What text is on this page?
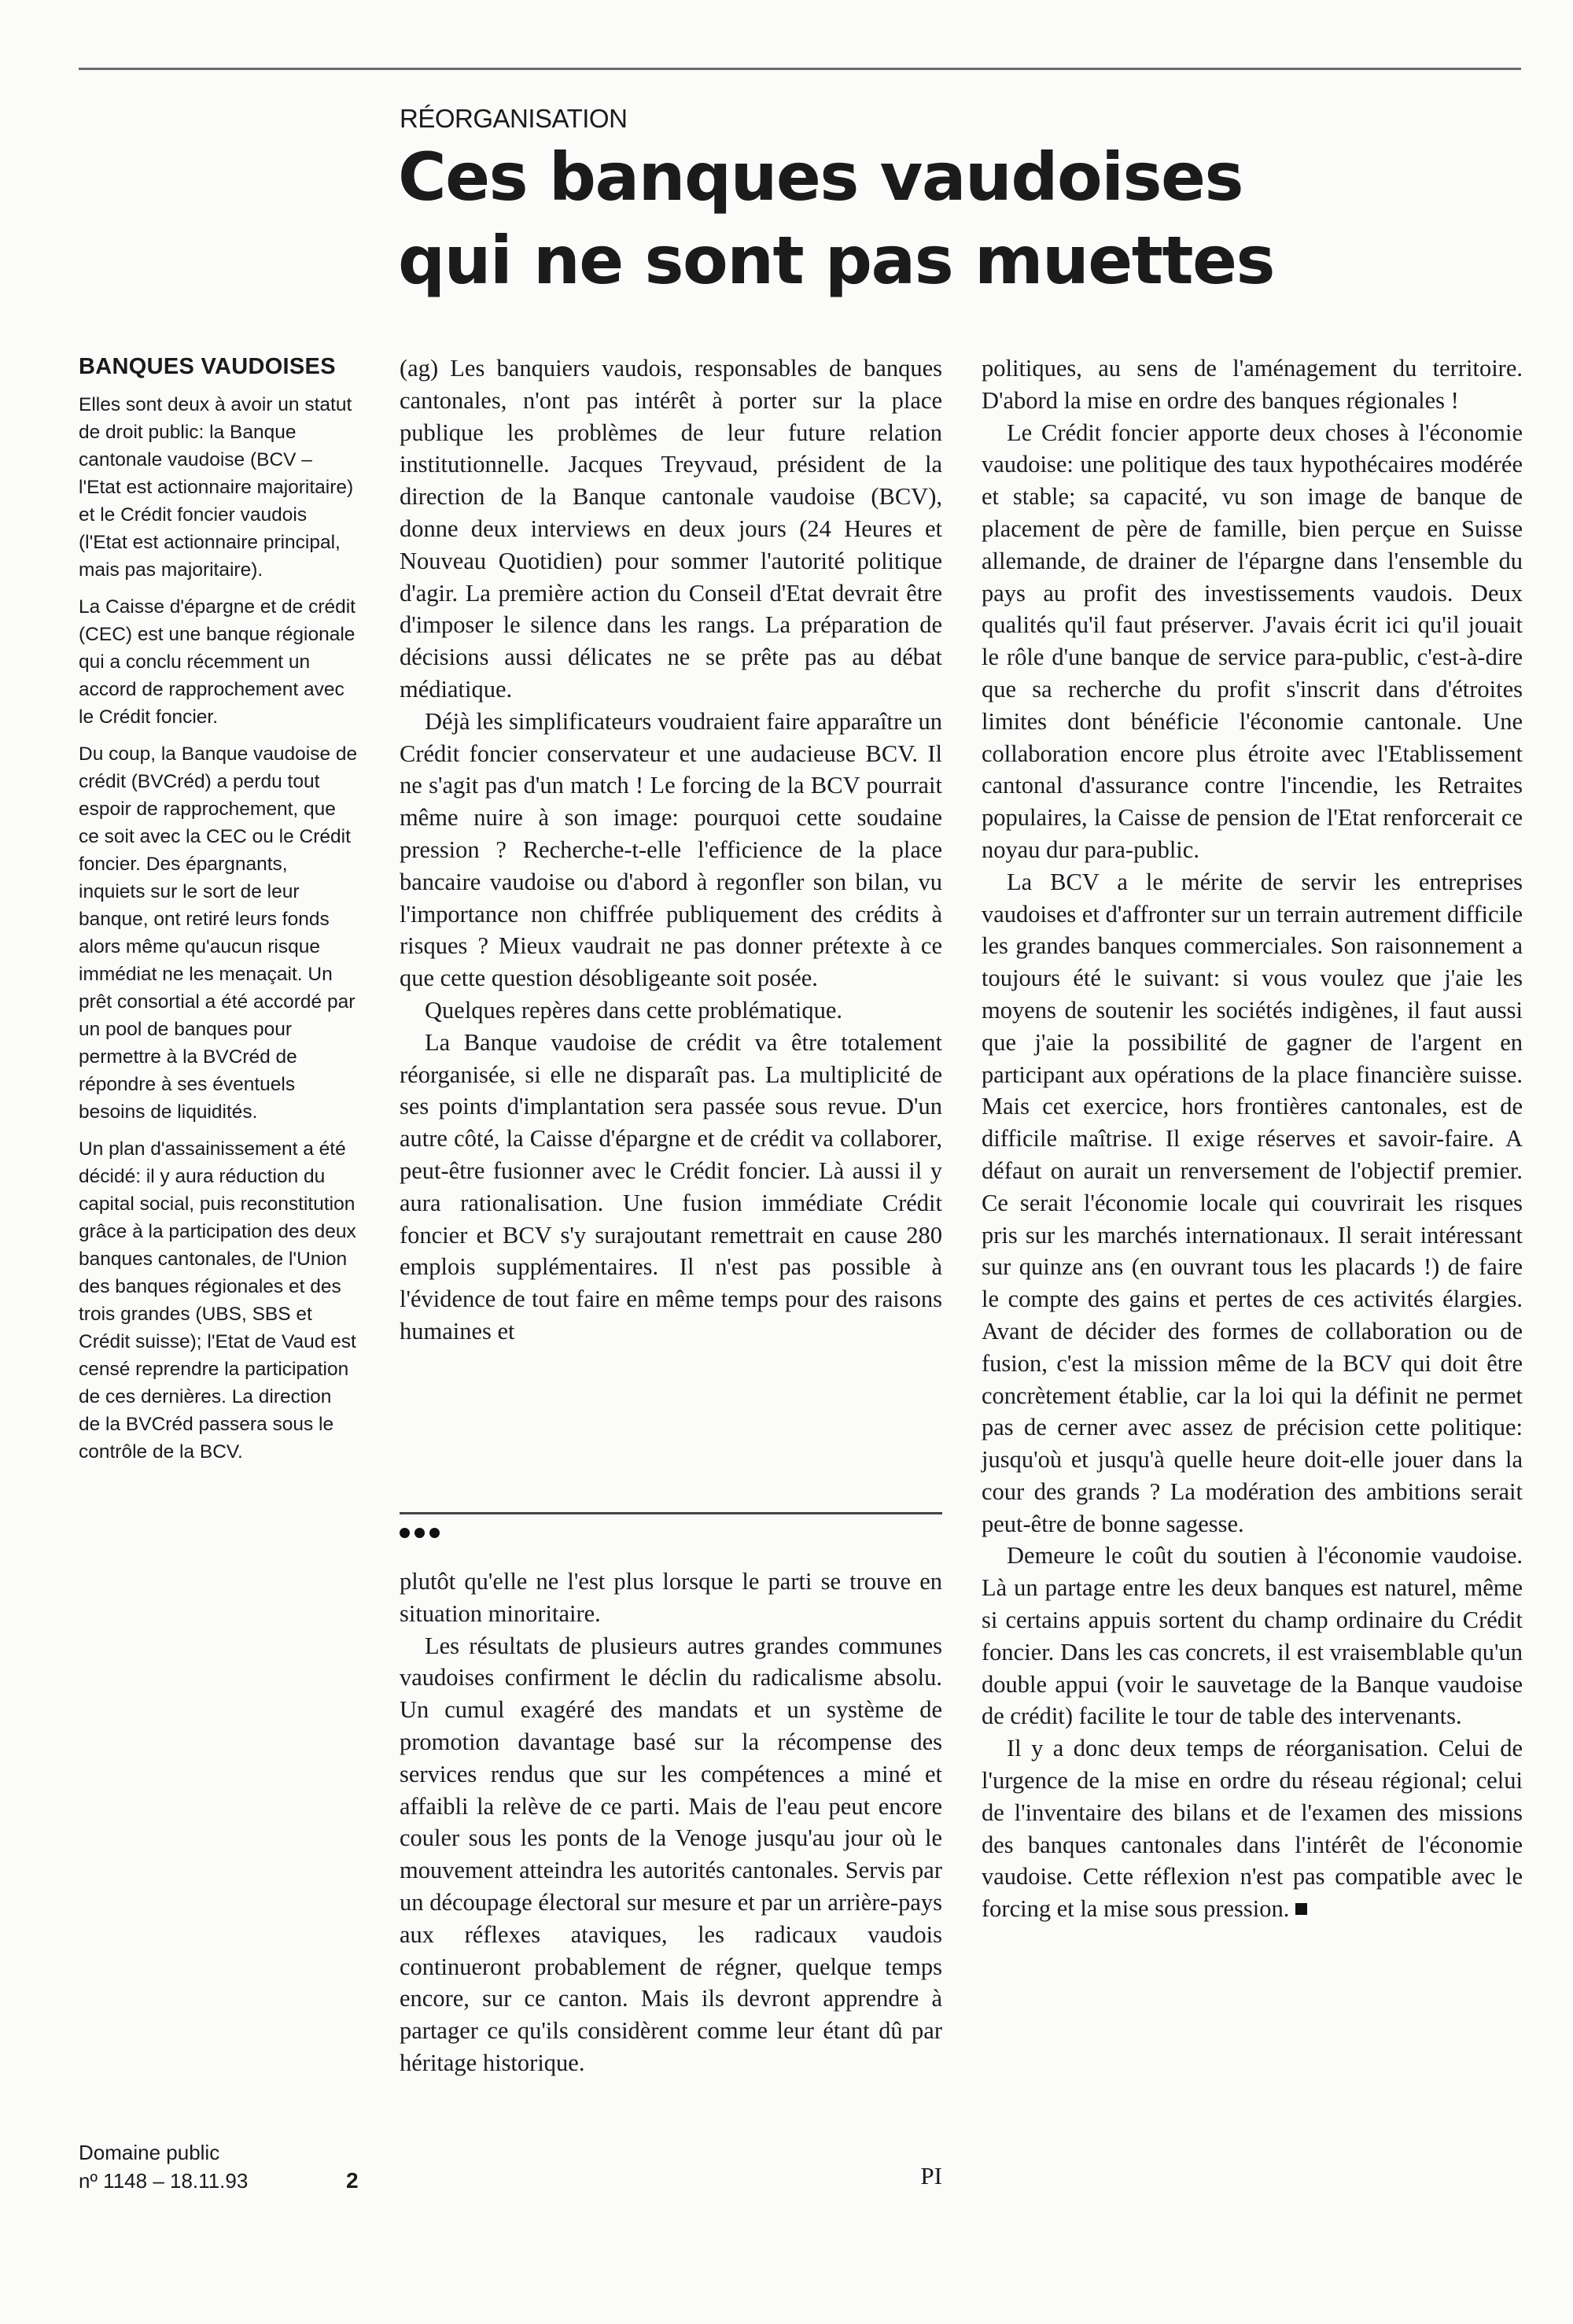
RÉORGANISATION
Ces banques vaudoises
qui ne sont pas muettes
BANQUES VAUDOISES

Elles sont deux à avoir un statut de droit public: la Banque cantonale vaudoise (BCV – l'Etat est actionnaire majoritaire) et le Crédit foncier vaudois (l'Etat est actionnaire principal, mais pas majoritaire).

La Caisse d'épargne et de crédit (CEC) est une banque régionale qui a conclu récemment un accord de rapprochement avec le Crédit foncier.

Du coup, la Banque vaudoise de crédit (BVCréd) a perdu tout espoir de rapprochement, que ce soit avec la CEC ou le Crédit foncier. Des épargnants, inquiets sur le sort de leur banque, ont retiré leurs fonds alors même qu'aucun risque immédiat ne les menaçait. Un prêt consortial a été accordé par un pool de banques pour permettre à la BVCréd de répondre à ses éventuels besoins de liquidités.

Un plan d'assainissement a été décidé: il y aura réduction du capital social, puis reconstitution grâce à la participation des deux banques cantonales, de l'Union des banques régionales et des trois grandes (UBS, SBS et Crédit suisse); l'Etat de Vaud est censé reprendre la participation de ces dernières. La direction de la BVCréd passera sous le contrôle de la BCV.

(ag) Les banquiers vaudois, responsables de banques cantonales, n'ont pas intérêt à porter sur la place publique les problèmes de leur future relation institutionnelle. Jacques Treyvaud, président de la direction de la Banque cantonale vaudoise (BCV), donne deux interviews en deux jours (24 Heures et Nouveau Quotidien) pour sommer l'autorité politique d'agir. La première action du Conseil d'Etat devrait être d'imposer le silence dans les rangs. La préparation de décisions aussi délicates ne se prête pas au débat médiatique.

Déjà les simplificateurs voudraient faire apparaître un Crédit foncier conservateur et une audacieuse BCV. Il ne s'agit pas d'un match ! Le forcing de la BCV pourrait même nuire à son image: pourquoi cette soudaine pression ? Recherche-t-elle l'efficience de la place bancaire vaudoise ou d'abord à regonfler son bilan, vu l'importance non chiffrée publiquement des crédits à risques ? Mieux vaudrait ne pas donner prétexte à ce que cette question désobligeante soit posée.

Quelques repères dans cette problématique.

La Banque vaudoise de crédit va être totalement réorganisée, si elle ne disparaît pas. La multiplicité de ses points d'implantation sera passée sous revue. D'un autre côté, la Caisse d'épargne et de crédit va collaborer, peut-être fusionner avec le Crédit foncier. Là aussi il y aura rationalisation. Une fusion immédiate Crédit foncier et BCV s'y surajoutant remettrait en cause 280 emplois supplémentaires. Il n'est pas possible à l'évidence de tout faire en même temps pour des raisons humaines et

plutôt qu'elle ne l'est plus lorsque le parti se trouve en situation minoritaire.

Les résultats de plusieurs autres grandes communes vaudoises confirment le déclin du radicalisme absolu. Un cumul exagéré des mandats et un système de promotion davantage basé sur la récompense des services rendus que sur les compétences a miné et affaibli la relève de ce parti. Mais de l'eau peut encore couler sous les ponts de la Venoge jusqu'au jour où le mouvement atteindra les autorités cantonales. Servis par un découpage électoral sur mesure et par un arrière-pays aux réflexes ataviques, les radicaux vaudois continueront probablement de régner, quelque temps encore, sur ce canton. Mais ils devront apprendre à partager ce qu'ils considèrent comme leur étant dû par héritage historique.

PI

politiques, au sens de l'aménagement du territoire. D'abord la mise en ordre des banques régionales !

Le Crédit foncier apporte deux choses à l'économie vaudoise: une politique des taux hypothécaires modérée et stable; sa capacité, vu son image de banque de placement de père de famille, bien perçue en Suisse allemande, de drainer de l'épargne dans l'ensemble du pays au profit des investissements vaudois. Deux qualités qu'il faut préserver. J'avais écrit ici qu'il jouait le rôle d'une banque de service para-public, c'est-à-dire que sa recherche du profit s'inscrit dans d'étroites limites dont bénéficie l'économie cantonale. Une collaboration encore plus étroite avec l'Etablissement cantonal d'assurance contre l'incendie, les Retraites populaires, la Caisse de pension de l'Etat renforcerait ce noyau dur para-public.

La BCV a le mérite de servir les entreprises vaudoises et d'affronter sur un terrain autrement difficile les grandes banques commerciales. Son raisonnement a toujours été le suivant: si vous voulez que j'aie les moyens de soutenir les sociétés indigènes, il faut aussi que j'aie la possibilité de gagner de l'argent en participant aux opérations de la place financière suisse. Mais cet exercice, hors frontières cantonales, est de difficile maîtrise. Il exige réserves et savoir-faire. A défaut on aurait un renversement de l'objectif premier. Ce serait l'économie locale qui couvrirait les risques pris sur les marchés internationaux. Il serait intéressant sur quinze ans (en ouvrant tous les placards !) de faire le compte des gains et pertes de ces activités élargies. Avant de décider des formes de collaboration ou de fusion, c'est la mission même de la BCV qui doit être concrètement établie, car la loi qui la définit ne permet pas de cerner avec assez de précision cette politique: jusqu'où et jusqu'à quelle heure doit-elle jouer dans la cour des grands ? La modération des ambitions serait peut-être de bonne sagesse.

Demeure le coût du soutien à l'économie vaudoise. Là un partage entre les deux banques est naturel, même si certains appuis sortent du champ ordinaire du Crédit foncier. Dans les cas concrets, il est vraisemblable qu'un double appui (voir le sauvetage de la Banque vaudoise de crédit) facilite le tour de table des intervenants.

Il y a donc deux temps de réorganisation. Celui de l'urgence de la mise en ordre du réseau régional; celui de l'inventaire des bilans et de l'examen des missions des banques cantonales dans l'intérêt de l'économie vaudoise. Cette réflexion n'est pas compatible avec le forcing et la mise sous pression.

Domaine public
nº 1148 – 18.11.93	2
